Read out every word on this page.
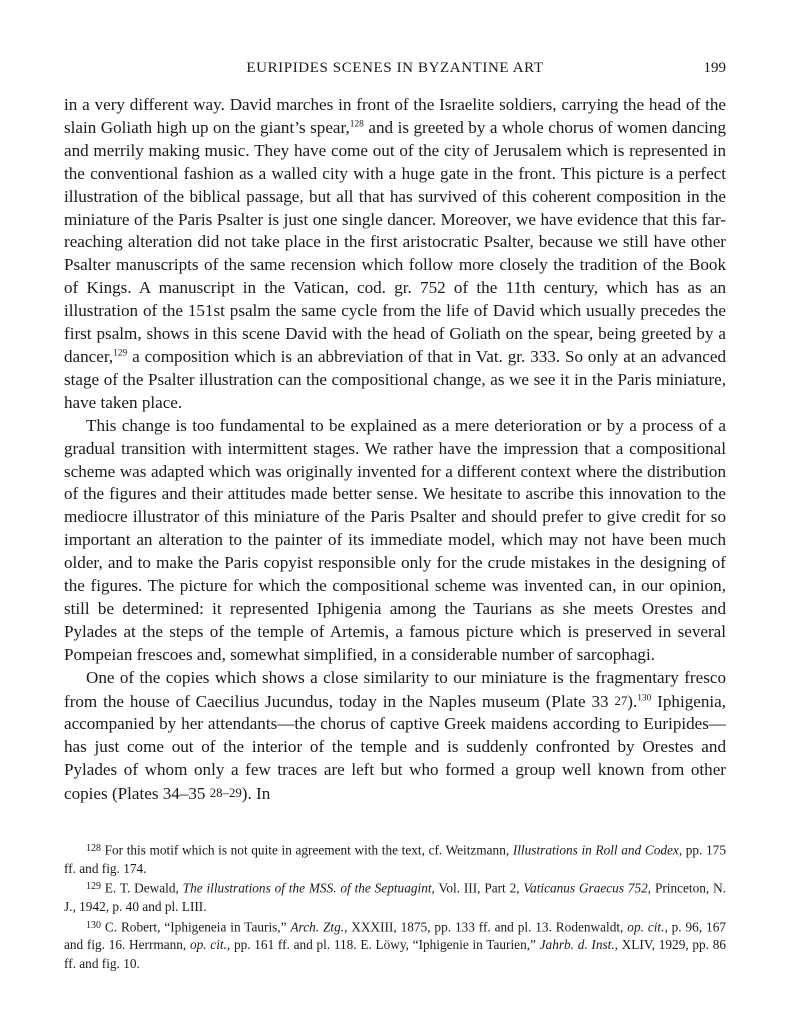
EURIPIDES SCENES IN BYZANTINE ART	199

in a very different way. David marches in front of the Israelite soldiers, carrying the head of the slain Goliath high up on the giant’s spear,$^{128}$ and is greeted by a whole chorus of women dancing and merrily making music. They have come out of the city of Jerusalem which is represented in the conventional fashion as a walled city with a huge gate in the front. This picture is a perfect illustration of the biblical passage, but all that has survived of this coherent composition in the miniature of the Paris Psalter is just one single dancer. Moreover, we have evidence that this far-reaching alteration did not take place in the first aristocratic Psalter, because we still have other Psalter manuscripts of the same recension which follow more closely the tradition of the Book of Kings. A manuscript in the Vatican, cod. gr. 752 of the 11th century, which has as an illustration of the 151st psalm the same cycle from the life of David which usually precedes the first psalm, shows in this scene David with the head of Goliath on the spear, being greeted by a dancer,$^{129}$ a composition which is an abbreviation of that in Vat. gr. 333. So only at an advanced stage of the Psalter illustration can the compositional change, as we see it in the Paris miniature, have taken place.

This change is too fundamental to be explained as a mere deterioration or by a process of a gradual transition with intermittent stages. We rather have the impression that a compositional scheme was adapted which was originally invented for a different context where the distribution of the figures and their attitudes made better sense. We hesitate to ascribe this innovation to the mediocre illustrator of this miniature of the Paris Psalter and should prefer to give credit for so important an alteration to the painter of its immediate model, which may not have been much older, and to make the Paris copyist responsible only for the crude mistakes in the designing of the figures. The picture for which the compositional scheme was invented can, in our opinion, still be determined: it represented Iphigenia among the Taurians as she meets Orestes and Pylades at the steps of the temple of Artemis, a famous picture which is preserved in several Pompeian frescoes and, somewhat simplified, in a considerable number of sarcophagi.

One of the copies which shows a close similarity to our miniature is the fragmentary fresco from the house of Caecilius Jucundus, today in the Naples museum (Plate 33 27).$^{130}$ Iphigenia, accompanied by her attendants—the chorus of captive Greek maidens according to Euripides—has just come out of the interior of the temple and is suddenly confronted by Orestes and Pylades of whom only a few traces are left but who formed a group well known from other copies (Plates 34–35 28–29). In

$^{128}$ For this motif which is not quite in agreement with the text, cf. Weitzmann, Illustrations in Roll and Codex, pp. 175 ff. and fig. 174.

$^{129}$ E. T. Dewald, The illustrations of the MSS. of the Septuagint, Vol. III, Part 2, Vaticanus Graecus 752, Princeton, N. J., 1942, p. 40 and pl. LIII.

$^{130}$ C. Robert, “Iphigeneia in Tauris,” Arch. Ztg., XXXIII, 1875, pp. 133 ff. and pl. 13. Rodenwaldt, op. cit., p. 96, 167 and fig. 16. Herrmann, op. cit., pp. 161 ff. and pl. 118. E. Löwy, “Iphigenie in Taurien,” Jahrb. d. Inst., XLIV, 1929, pp. 86 ff. and fig. 10.
